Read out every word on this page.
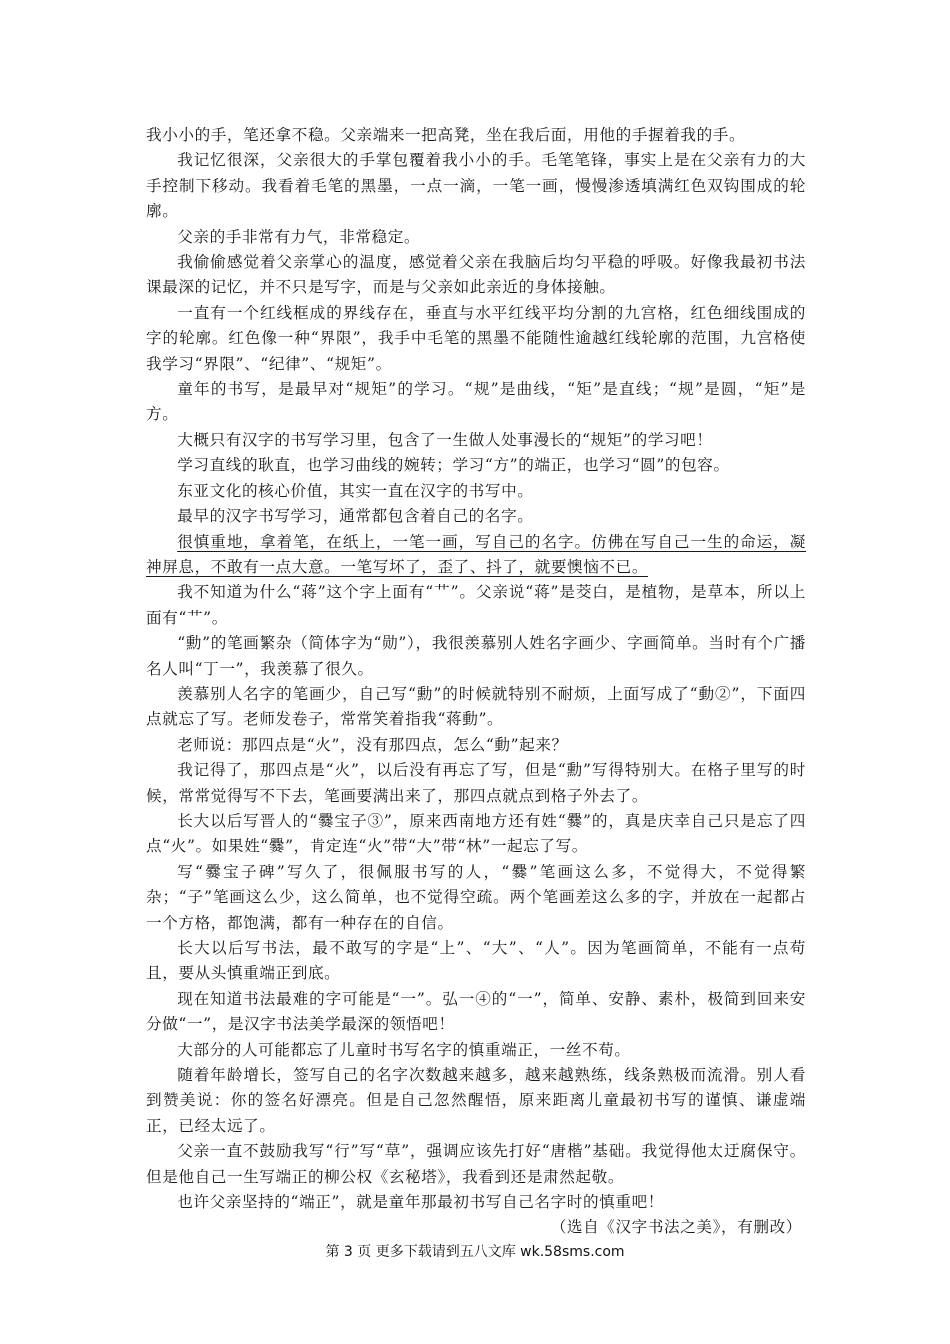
我小小的手，笔还拿不稳。父亲端来一把高凳，坐在我后面，用他的手握着我的手。

我记忆很深，父亲很大的手掌包覆着我小小的手。毛笔笔锋，事实上是在父亲有力的大手控制下移动。我看着毛笔的黑墨，一点一滴，一笔一画，慢慢渗透填满红色双钩围成的轮廓。

父亲的手非常有力气，非常稳定。

我偷偷感觉着父亲掌心的温度，感觉着父亲在我脑后均匀平稳的呼吸。好像我最初书法课最深的记忆，并不只是写字，而是与父亲如此亲近的身体接触。

一直有一个红线框成的界线存在，垂直与水平红线平均分割的九宫格，红色细线围成的字的轮廓。红色像一种“界限”，我手中毛笔的黑墨不能随性逾越红线轮廓的范围，九宫格使我学习“界限”、“纪律”、“规矩”。

童年的书写，是最早对“规矩”的学习。“规”是曲线，“矩”是直线；“规”是圆，“矩”是方。

大概只有汉字的书写学习里，包含了一生做人处事漫长的“规矩”的学习吧！

学习直线的耿直，也学习曲线的婉转；学习“方”的端正，也学习“圆”的包容。

东亚文化的核心价值，其实一直在汉字的书写中。

最早的汉字书写学习，通常都包含着自己的名字。

很慎重地，拿着笔，在纸上，一笔一画，写自己的名字。仿佛在写自己一生的命运，凝神屏息，不敢有一点大意。一笔写坏了，歪了、抖了，就要懊恼不已。

我不知道为什么“蒋”这个字上面有“艹”。父亲说“蒋”是茭白，是植物，是草本，所以上面有“艹”。

“勳”的笔画繁杂（简体字为“勋”），我很羡慕别人姓名字画少、字画简单。当时有个广播名人叫“丁一”，我羡慕了很久。

羡慕别人名字的笔画少，自己写“勳”的时候就特别不耐烦，上面写成了“動②”，下面四点就忘了写。老师发卷子，常常笑着指我“蒋動”。

老师说：那四点是“火”，没有那四点，怎么“動”起来？

我记得了，那四点是“火”，以后没有再忘了写，但是“勳”写得特别大。在格子里写的时候，常常觉得写不下去，笔画要满出来了，那四点就点到格子外去了。

长大以后写晋人的“爨宝子③”，原来西南地方还有姓“爨”的，真是庆幸自己只是忘了四点“火”。如果姓“爨”，肯定连“火”带“大”带“林”一起忘了写。

写“爨宝子碑”写久了，很佩服书写的人，“爨”笔画这么多，不觉得大，不觉得繁杂；“子”笔画这么少，这么简单，也不觉得空疏。两个笔画差这么多的字，并放在一起都占一个方格，都饱满，都有一种存在的自信。

长大以后写书法，最不敢写的字是“上”、“大”、“人”。因为笔画简单，不能有一点苟且，要从头慎重端正到底。

现在知道书法最难的字可能是“一”。弘一④的“一”，简单、安静、素朴，极简到回来安分做“一”，是汉字书法美学最深的领悟吧！

大部分的人可能都忘了儿童时书写名字的慎重端正，一丝不苟。

随着年龄增长，签写自己的名字次数越来越多，越来越熟练，线条熟极而流滑。别人看到赞美说：你的签名好漂亮。但是自己忽然醒悟，原来距离儿童最初书写的谨慎、谦虚端正，已经太远了。

父亲一直不鼓励我写“行”写“草”，强调应该先打好“唐楷”基础。我觉得他太迂腐保守。但是他自己一生写端正的柳公权《玄秘塔》，我看到还是肃然起敬。

也许父亲坚持的“端正”，就是童年那最初书写自己名字时的慎重吧！

（选自《汉字书法之美》，有删改）

第 3 页 更多下载请到五八文库 wk.58sms.com
